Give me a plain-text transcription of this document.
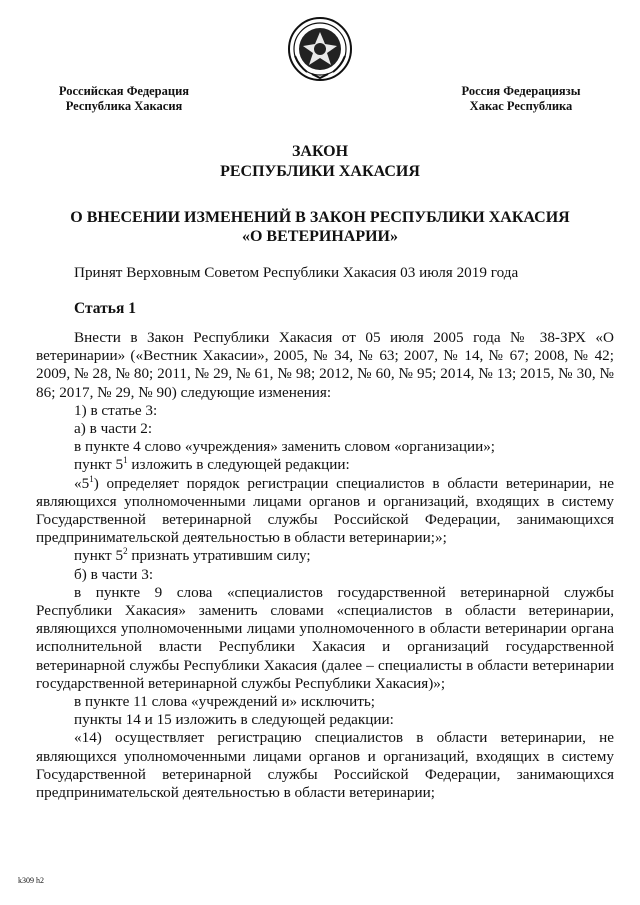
Российская Федерация
Республика Хакасия
Россия Федерациязы
Хакас Республика
ЗАКОН
РЕСПУБЛИКИ ХАКАСИЯ
О ВНЕСЕНИИ ИЗМЕНЕНИЙ В ЗАКОН РЕСПУБЛИКИ ХАКАСИЯ
«О ВЕТЕРИНАРИИ»
Принят Верховным Советом Республики Хакасия 03 июля 2019 года
Статья 1

Внести в Закон Республики Хакасия от 05 июля 2005 года № 38-ЗРХ «О ветеринарии» («Вестник Хакасии», 2005, № 34, № 63; 2007, № 14, № 67; 2008, № 42; 2009, № 28, № 80; 2011, № 29, № 61, № 98; 2012, № 60, № 95; 2014, № 13; 2015, № 30, № 86; 2017, № 29, № 90) следующие изменения:

1) в статье 3:

а) в части 2:

в пункте 4 слово «учреждения» заменить словом «организации»;

пункт $5^1$ изложить в следующей редакции:

«$5^1$) определяет порядок регистрации специалистов в области ветеринарии, не являющихся уполномоченными лицами органов и организаций, входящих в систему Государственной ветеринарной службы Российской Федерации, занимающихся предпринимательской деятельностью в области ветеринарии;»;

пункт $5^2$ признать утратившим силу;

б) в части 3:

в пункте 9 слова «специалистов государственной ветеринарной службы Республики Хакасия» заменить словами «специалистов в области ветеринарии, являющихся уполномоченными лицами уполномоченного в области ветеринарии органа исполнительной власти Республики Хакасия и организаций государственной ветеринарной службы Республики Хакасия (далее – специалисты в области ветеринарии государственной ветеринарной службы Республики Хакасия)»;

в пункте 11 слова «учреждений и» исключить;

пункты 14 и 15 изложить в следующей редакции:

«14) осуществляет регистрацию специалистов в области ветеринарии, не являющихся уполномоченными лицами органов и организаций, входящих в систему Государственной ветеринарной службы Российской Федерации, занимающихся предпринимательской деятельностью в области ветеринарии;

k309 h2
